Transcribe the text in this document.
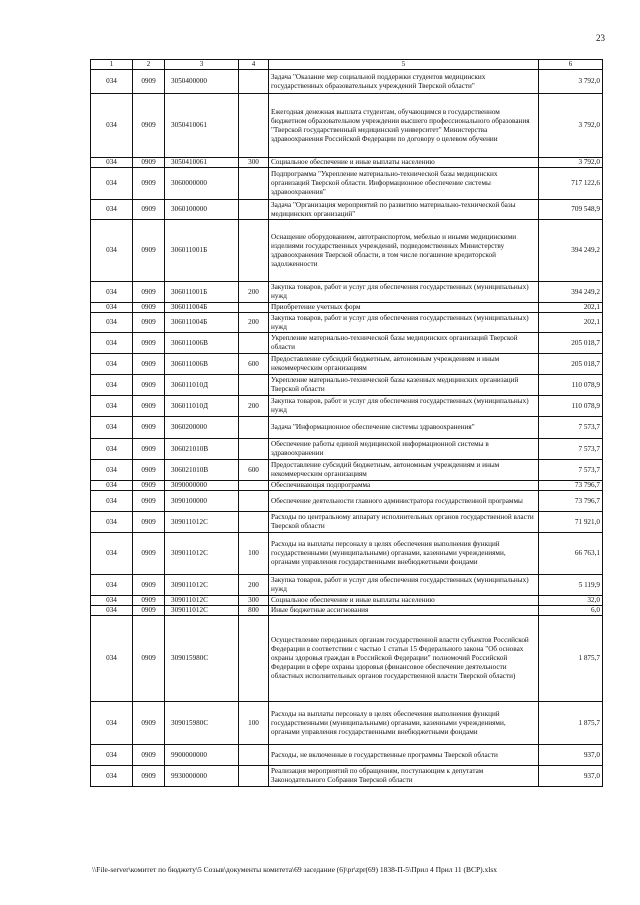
23
1	2	3	4	5	6
034	0909	3050400000		Задача "Оказание мер социальной поддержки студентов медицинских государственных образовательных учреждений Тверской области"	3 792,0
034	0909	3050410061		Ежегодная денежная выплата студентам, обучающимся в государственном бюджетном образовательном учреждении высшего профессионального образования "Тверской государственный медицинский университет" Министерства здравоохранения Российской Федерации по договору о целевом обучении	3 792,0
034	0909	3050410061	300	Социальное обеспечение и иные выплаты населению	3 792,0
034	0909	3060000000		Подпрограмма "Укрепление материально-технической базы медицинских организаций Тверской области. Информационное обеспечение системы здравоохранения"	717 122,6
034	0909	3060100000		Задача "Организация мероприятий по развитию материально-технической базы медицинских организаций"	709 548,9
034	0909	306011001Б		Оснащение оборудованием, автотранспортом, мебелью и иными медицинскими изделиями государственных учреждений, подведомственных Министерству здравоохранения Тверской области, в том числе погашение кредиторской задолженности	394 249,2
034	0909	306011001Б	200	Закупка товаров, работ и услуг для обеспечения государственных (муниципальных) нужд	394 249,2
034	0909	306011004Б		Приобретение учетных форм	202,1
034	0909	306011004Б	200	Закупка товаров, работ и услуг для обеспечения государственных (муниципальных) нужд	202,1
034	0909	306011006В		Укрепление материально-технической базы медицинских организаций Тверской области	205 018,7
034	0909	306011006В	600	Предоставление субсидий бюджетным, автономным учреждениям и иным некоммерческим организациям	205 018,7
034	0909	306011010Д		Укрепление материально-технической базы казенных медицинских организаций Тверской области	110 078,9
034	0909	306011010Д	200	Закупка товаров, работ и услуг для обеспечения государственных (муниципальных) нужд	110 078,9
034	0909	3060200000		Задача "Информационное обеспечение системы здравоохранения"	7 573,7
034	0909	306021010В		Обеспечение работы единой медицинской информационной системы в здравоохранении	7 573,7
034	0909	306021010В	600	Предоставление субсидий бюджетным, автономным учреждениям и иным некоммерческим организациям	7 573,7
034	0909	3090000000		Обеспечивающая подпрограмма	73 796,7
034	0909	3090100000		Обеспечение деятельности главного администратора государственной программы	73 796,7
034	0909	309011012С		Расходы по центральному аппарату исполнительных органов государственной власти Тверской области	71 921,0
034	0909	309011012С	100	Расходы на выплаты персоналу в целях обеспечения выполнения функций государственными (муниципальными) органами, казенными учреждениями, органами управления государственными внебюджетными фондами	66 763,1
034	0909	309011012С	200	Закупка товаров, работ и услуг для обеспечения государственных (муниципальных) нужд	5 119,9
034	0909	309011012С	300	Социальное обеспечение и иные выплаты населению	32,0
034	0909	309011012С	800	Иные бюджетные ассигнования	6,0
034	0909	309015980С		Осуществление переданных органам государственной власти субъектов Российской Федерации в соответствии с частью 1 статьи 15 Федерального закона "Об основах охраны здоровья граждан в Российской Федерации" полномочий Российской Федерации в сфере охраны здоровья (финансовое обеспечение деятельности областных исполнительных органов государственной власти Тверской области)	1 875,7
034	0909	309015980С	100	Расходы на выплаты персоналу в целях обеспечения выполнения функций государственными (муниципальными) органами, казенными учреждениями, органами управления государственными внебюджетными фондами	1 875,7
034	0909	9900000000		Расходы, не включенные в государственные программы Тверской области	937,0
034	0909	9930000000		Реализация мероприятий по обращениям, поступающим к депутатам Законодательного Собрания Тверской области	937,0
\\File-server\комитет по бюджету\5 Созыв\документы комитета\69 заседание (6)\pr\zpr(69) 1838-П-5\Прил 4 Прил 11 (ВСР).xlsx
